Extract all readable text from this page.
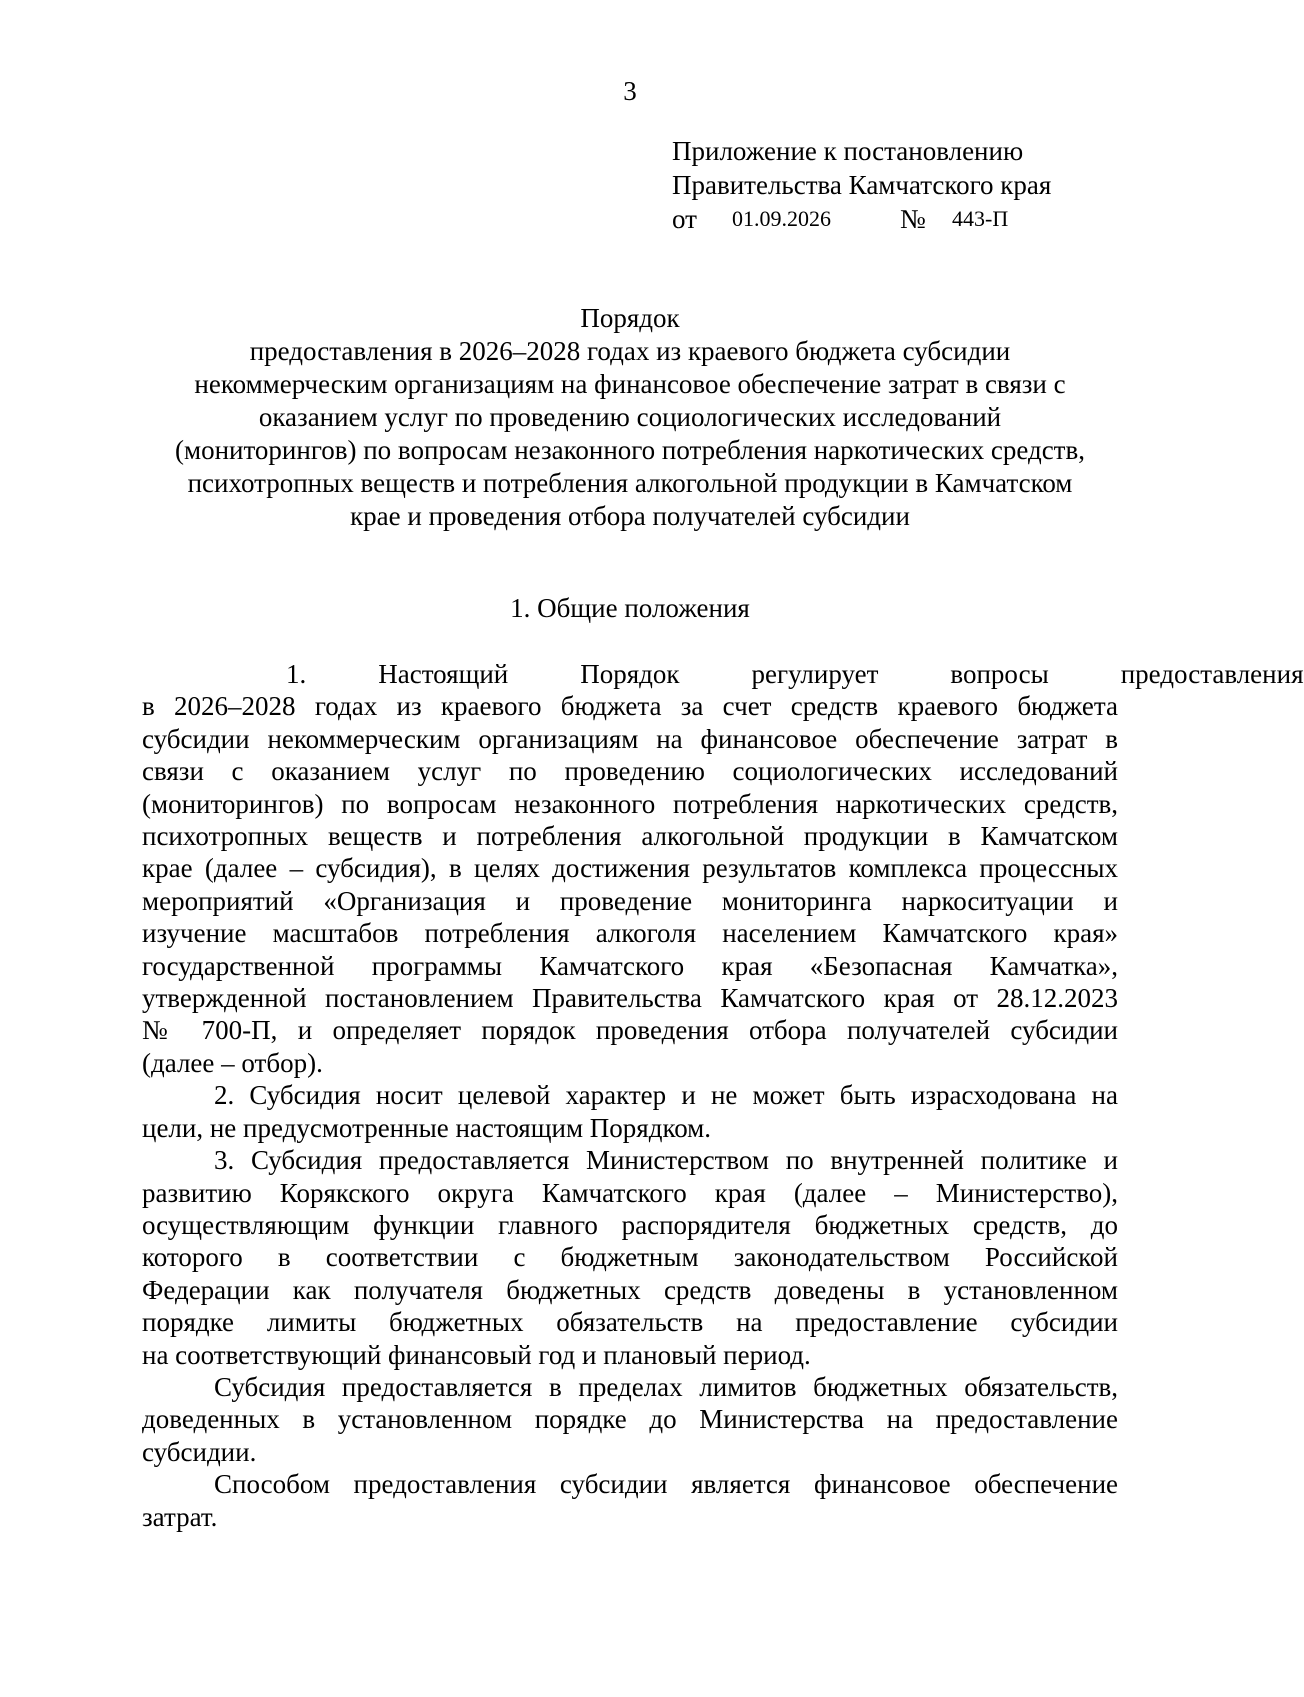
3
Приложение к постановлению
Правительства Камчатского края
от 01.09.2026	№ 443-П
Порядок
предоставления в 2026–2028 годах из краевого бюджета субсидии
некоммерческим организациям на финансовое обеспечение затрат в связи с
оказанием услуг по проведению социологических исследований
(мониторингов) по вопросам незаконного потребления наркотических средств,
психотропных веществ и потребления алкогольной продукции в Камчатском
крае и проведения отбора получателей субсидии
1. Общие положения
1.	Настоящий	Порядок	регулирует	вопросы	предоставления
в 2026–2028 годах из краевого бюджета за счет средств краевого бюджета
субсидии некоммерческим организациям на финансовое обеспечение затрат в
связи с оказанием услуг по проведению социологических исследований
(мониторингов) по вопросам незаконного потребления наркотических средств,
психотропных веществ и потребления алкогольной продукции в Камчатском
крае (далее – субсидия), в целях достижения результатов комплекса процессных
мероприятий «Организация и проведение мониторинга наркоситуации и
изучение масштабов потребления алкоголя населением Камчатского края»
государственной программы Камчатского края «Безопасная Камчатка»,
утвержденной постановлением Правительства Камчатского края от 28.12.2023
№ 700-П, и определяет порядок проведения отбора получателей субсидии
(далее – отбор).
2. Субсидия носит целевой характер и не может быть израсходована на
цели, не предусмотренные настоящим Порядком.
3. Субсидия предоставляется Министерством по внутренней политике и
развитию Корякского округа Камчатского края (далее – Министерство),
осуществляющим функции главного распорядителя бюджетных средств, до
которого в соответствии с бюджетным законодательством Российской
Федерации как получателя бюджетных средств доведены в установленном
порядке лимиты бюджетных обязательств на предоставление субсидии
на соответствующий финансовый год и плановый период.
Субсидия предоставляется в пределах лимитов бюджетных обязательств,
доведенных в установленном порядке до Министерства на предоставление
субсидии.
Способом предоставления субсидии является финансовое обеспечение
затрат.
